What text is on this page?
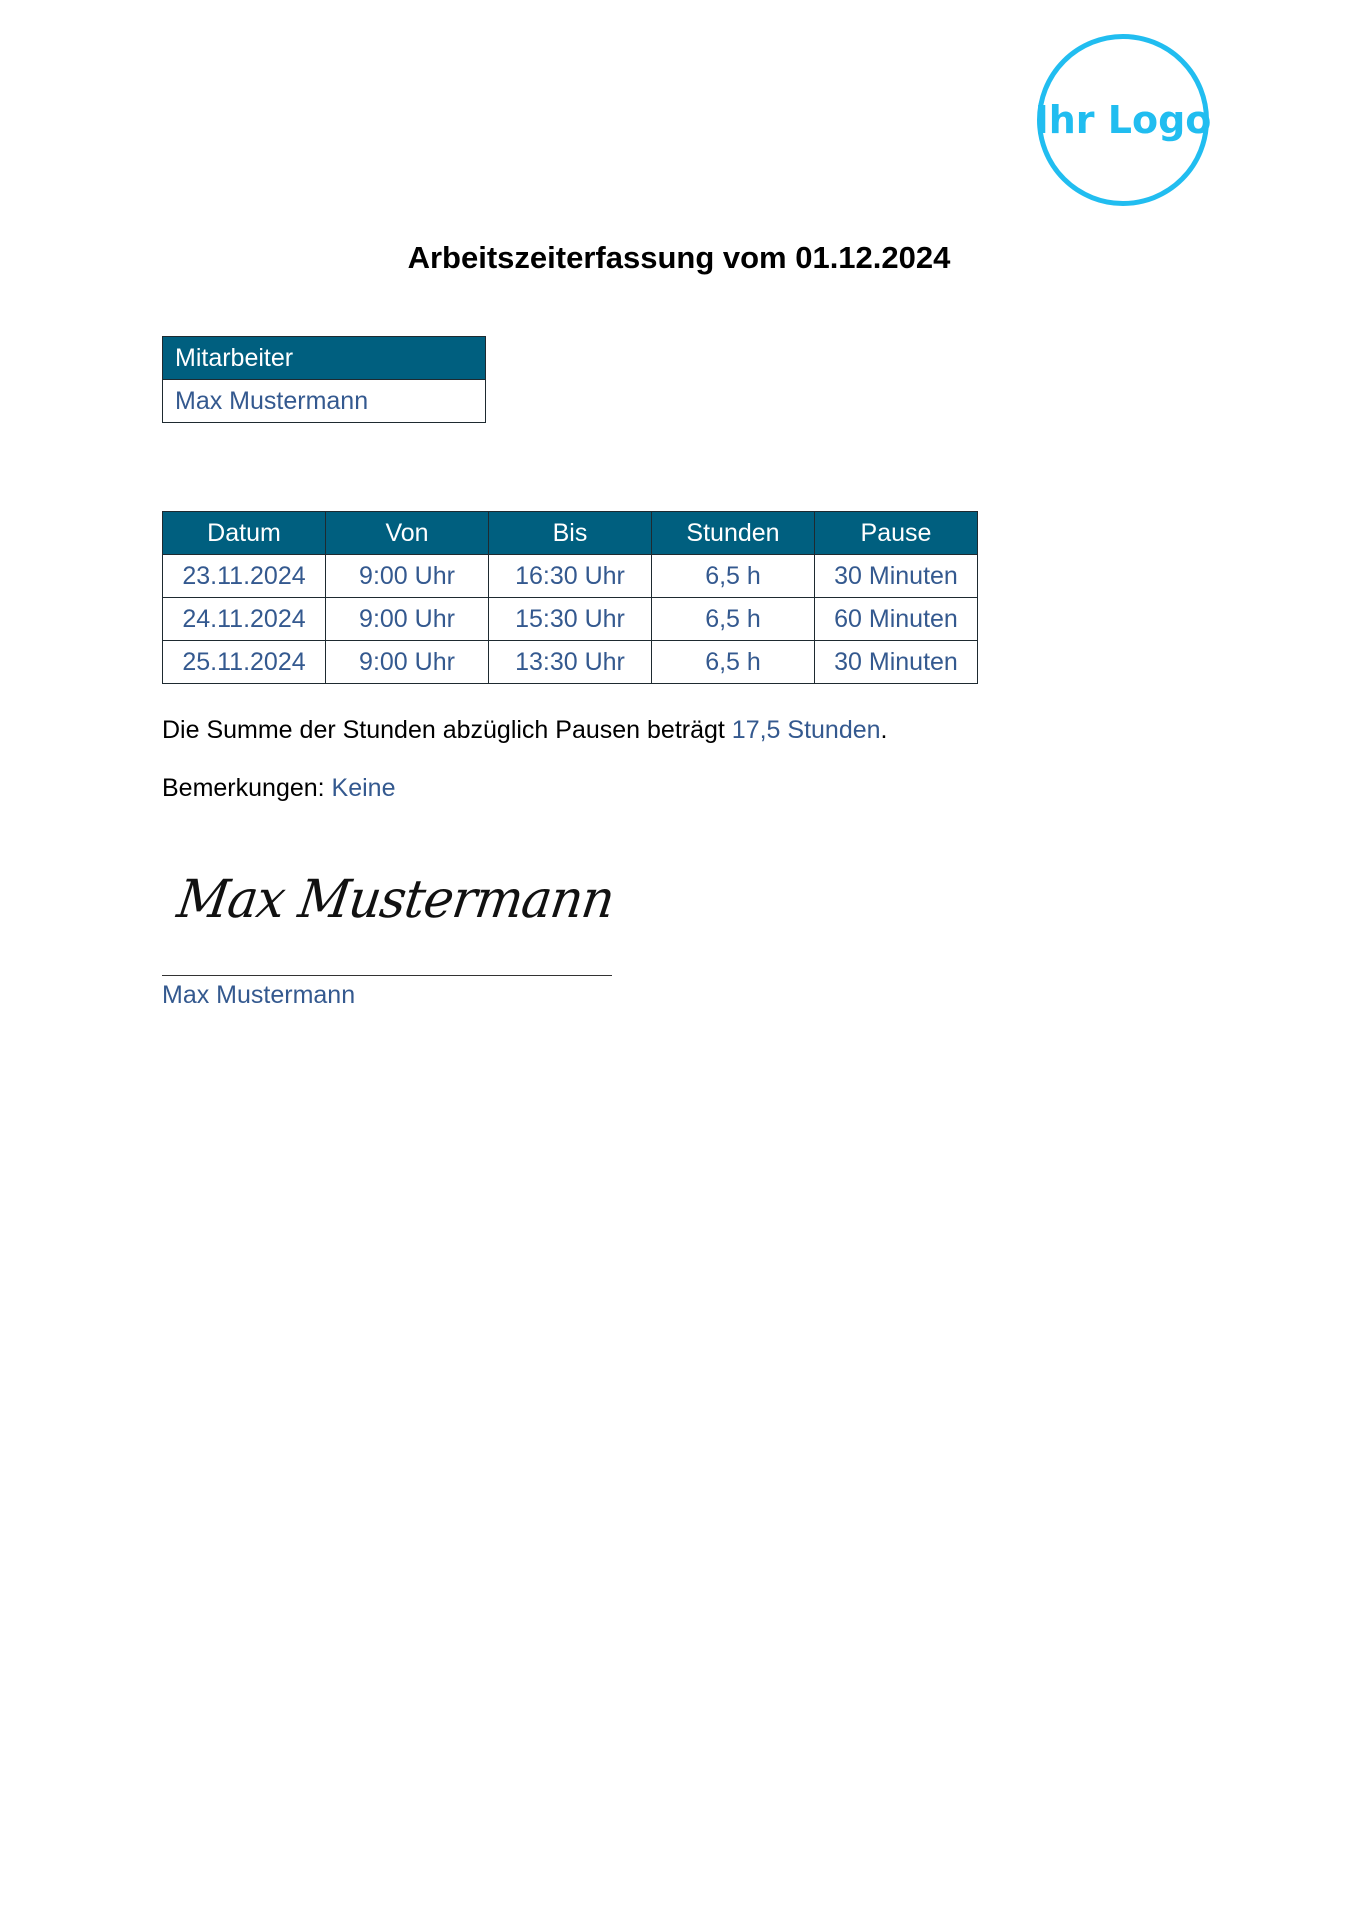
Ihr Logo
Arbeitszeiterfassung vom 01.12.2024
Mitarbeiter
Max Mustermann
Datum	Von	Bis	Stunden	Pause
23.11.2024	9:00 Uhr	16:30 Uhr	6,5 h	30 Minuten
24.11.2024	9:00 Uhr	15:30 Uhr	6,5 h	60 Minuten
25.11.2024	9:00 Uhr	13:30 Uhr	6,5 h	30 Minuten
Die Summe der Stunden abzüglich Pausen beträgt 17,5 Stunden.
Bemerkungen: Keine
Max Mustermann
Max Mustermann
